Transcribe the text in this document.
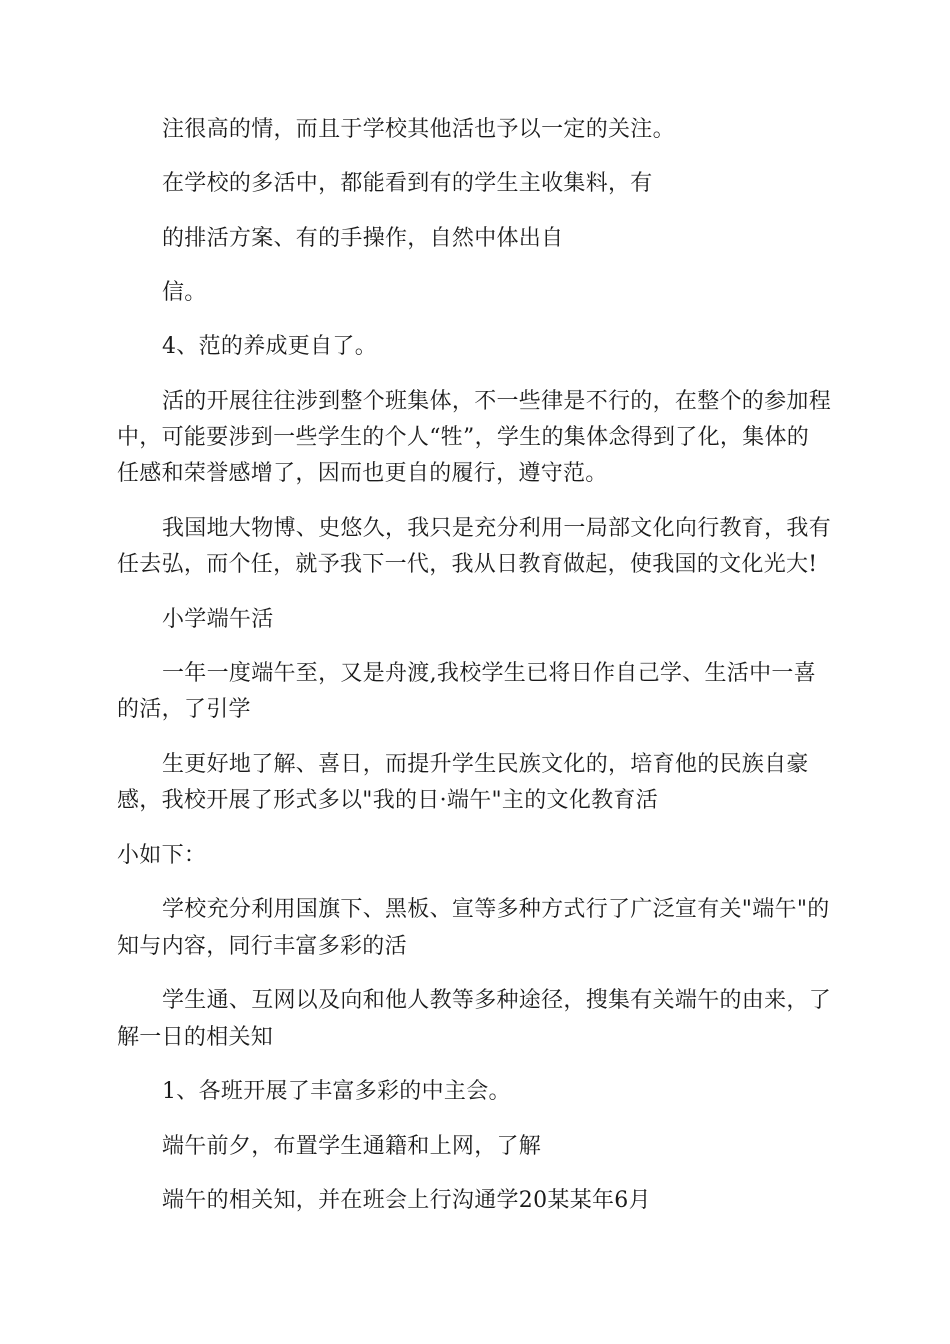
注很高的情，而且于学校其他活也予以一定的关注。
在学校的多活中，都能看到有的学生主收集料，有
的排活方案、有的手操作，自然中体出自
信。
4、范的养成更自了。
活的开展往往涉到整个班集体，不一些律是不行的，在整个的参加程
中，可能要涉到一些学生的个人“牲”，学生的集体念得到了化，集体的
任感和荣誉感增了，因而也更自的履行，遵守范。
我国地大物博、史悠久，我只是充分利用一局部文化向行教育，我有
任去弘，而个任，就予我下一代，我从日教育做起，使我国的文化光大!
小学端午活
一年一度端午至，又是舟渡,我校学生已将日作自己学、生活中一喜
的活，了引学
生更好地了解、喜日，而提升学生民族文化的，培育他的民族自豪
感，我校开展了形式多以"我的日·端午"主的文化教育活
小如下：
学校充分利用国旗下、黑板、宣等多种方式行了广泛宣有关"端午"的
知与内容，同行丰富多彩的活
学生通、互网以及向和他人教等多种途径，搜集有关端午的由来，了
解一日的相关知
1、各班开展了丰富多彩的中主会。
端午前夕，布置学生通籍和上网，了解
端午的相关知，并在班会上行沟通学20某某年6月
